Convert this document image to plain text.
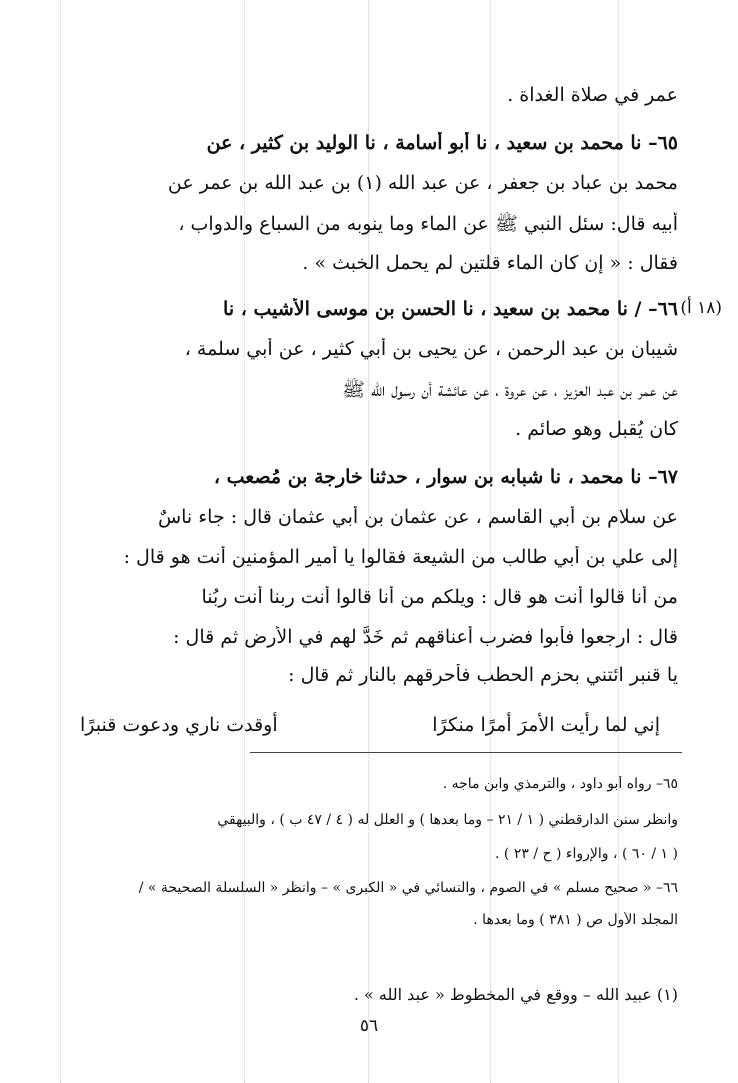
عمر في صلاة الغداة .
٦٥– نا محمد بن سعيد ، نا أبو أسامة ، نا الوليد بن كثير ، عن
محمد بن عباد بن جعفر ، عن عبد الله (١) بن عبد الله بن عمر عن
أبيه قال: سئل النبي ﷺ عن الماء وما ينوبه من السباع والدواب ،
فقال : « إن كان الماء قلتين لم يحمل الخبث » .
(١٨ أ)
٦٦– / نا محمد بن سعيد ، نا الحسن بن موسى الأشيب ، نا
شيبان بن عبد الرحمن ، عن يحيى بن أبي كثير ، عن أبي سلمة ،
عن عمر بن عبد العزيز ، عن عروة ، عن عائشة أن رسول الله ﷺ
كان يُقبل وهو صائم .
٦٧– نا محمد ، نا شبابه بن سوار ، حدثنا خارجة بن مُصعب ،
عن سلام بن أبي القاسم ، عن عثمان بن أبي عثمان قال : جاء ناسٌ
إلى علي بن أبي طالب من الشيعة فقالوا يا أمير المؤمنين أنت هو قال :
من أنا قالوا أنت هو قال : ويلكم من أنا قالوا أنت ربنا أنت ربُنا
قال : ارجعوا فأبوا فضرب أعناقهم ثم خَدَّ لهم في الأرض ثم قال :
يا قنبر ائتني بحزم الحطب فأحرقهم بالنار ثم قال :
إني لما رأيت الأمرَ أمرًا منكرًا
أوقدت ناري ودعوت قنبرًا
٦٥– رواه أبو داود ، والترمذي وابن ماجه .
وانظر سنن الدارقطني ( ١ / ٢١ – وما بعدها ) و العلل له ( ٤ / ٤٧ ب ) ، والبيهقي
( ١ / ٦٠ ) ، والإرواء ( ح / ٢٣ ) .
٦٦– « صحيح مسلم » في الصوم ، والنسائي في « الكبرى » – وانظر « السلسلة الصحيحة » /
المجلد الأول ص ( ٣٨١ ) وما بعدها .
(١) عبيد الله – ووقع في المخطوط « عبد الله » .
٥٦
